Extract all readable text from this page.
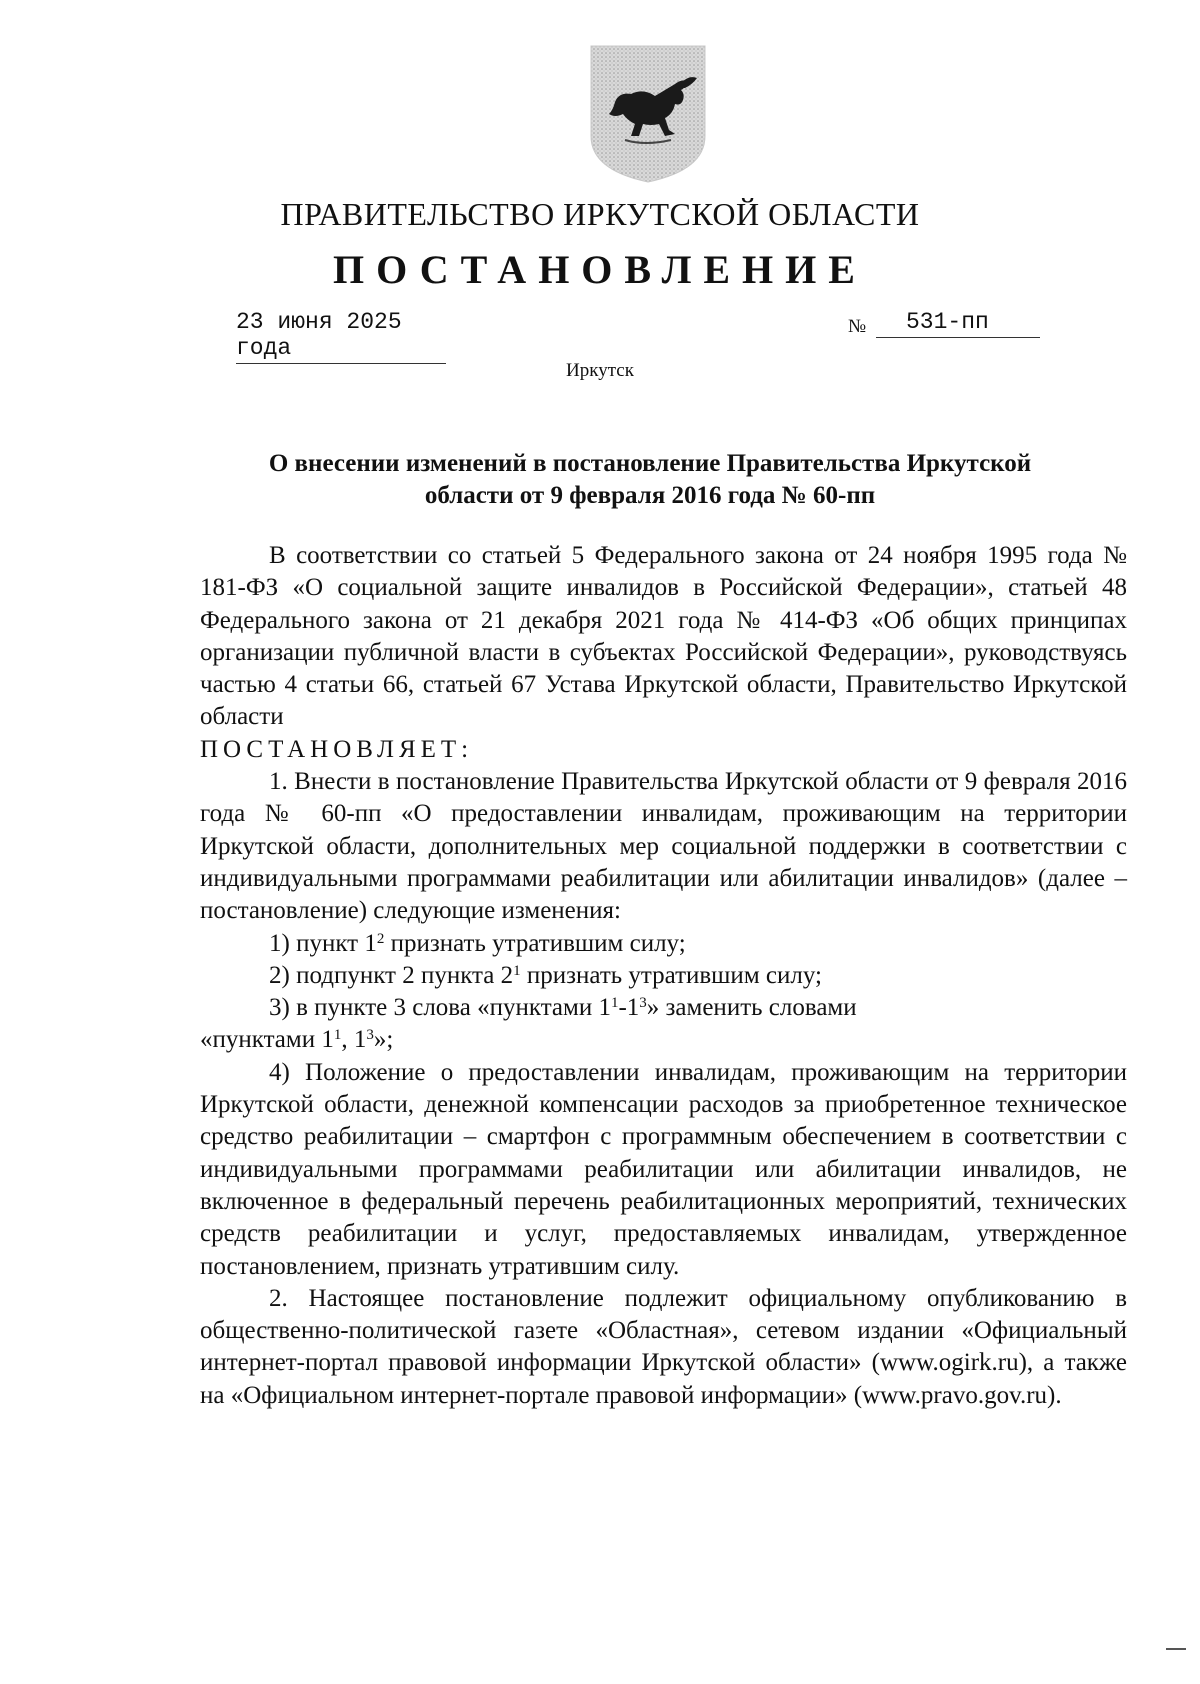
ПРАВИТЕЛЬСТВО ИРКУТСКОЙ ОБЛАСТИ
ПОСТАНОВЛЕНИЕ
23 июня 2025 года
№	531-пп
Иркутск
О внесении изменений в постановление Правительства Иркутской
области от 9 февраля 2016 года № 60-пп

В соответствии со статьей 5 Федерального закона от 24 ноября 1995 года № 181-ФЗ «О социальной защите инвалидов в Российской Федерации», статьей 48 Федерального закона от 21 декабря 2021 года № 414-ФЗ «Об общих принципах организации публичной власти в субъектах Российской Федерации», руководствуясь частью 4 статьи 66, статьей 67 Устава Иркутской области, Правительство Иркутской области

ПОСТАНОВЛЯЕТ:

1. Внести в постановление Правительства Иркутской области от 9 февраля 2016 года № 60-пп «О предоставлении инвалидам, проживающим на территории Иркутской области, дополнительных мер социальной поддержки в соответствии с индивидуальными программами реабилитации или абилитации инвалидов» (далее – постановление) следующие изменения:

1) пункт $1^2$ признать утратившим силу;

2) подпункт 2 пункта $2^1$ признать утратившим силу;

3) в пункте 3 слова «пунктами $1^1-1^3$» заменить словами

«пунктами $1^1$, $1^3$»;

4) Положение о предоставлении инвалидам, проживающим на территории Иркутской области, денежной компенсации расходов за приобретенное техническое средство реабилитации – смартфон с программным обеспечением в соответствии с индивидуальными программами реабилитации или абилитации инвалидов, не включенное в федеральный перечень реабилитационных мероприятий, технических средств реабилитации и услуг, предоставляемых инвалидам, утвержденное постановлением, признать утратившим силу.

2. Настоящее постановление подлежит официальному опубликованию в общественно-политической газете «Областная», сетевом издании «Официальный интернет-портал правовой информации Иркутской области» (www.ogirk.ru), а также на «Официальном интернет-портале правовой информации» (www.pravo.gov.ru).
